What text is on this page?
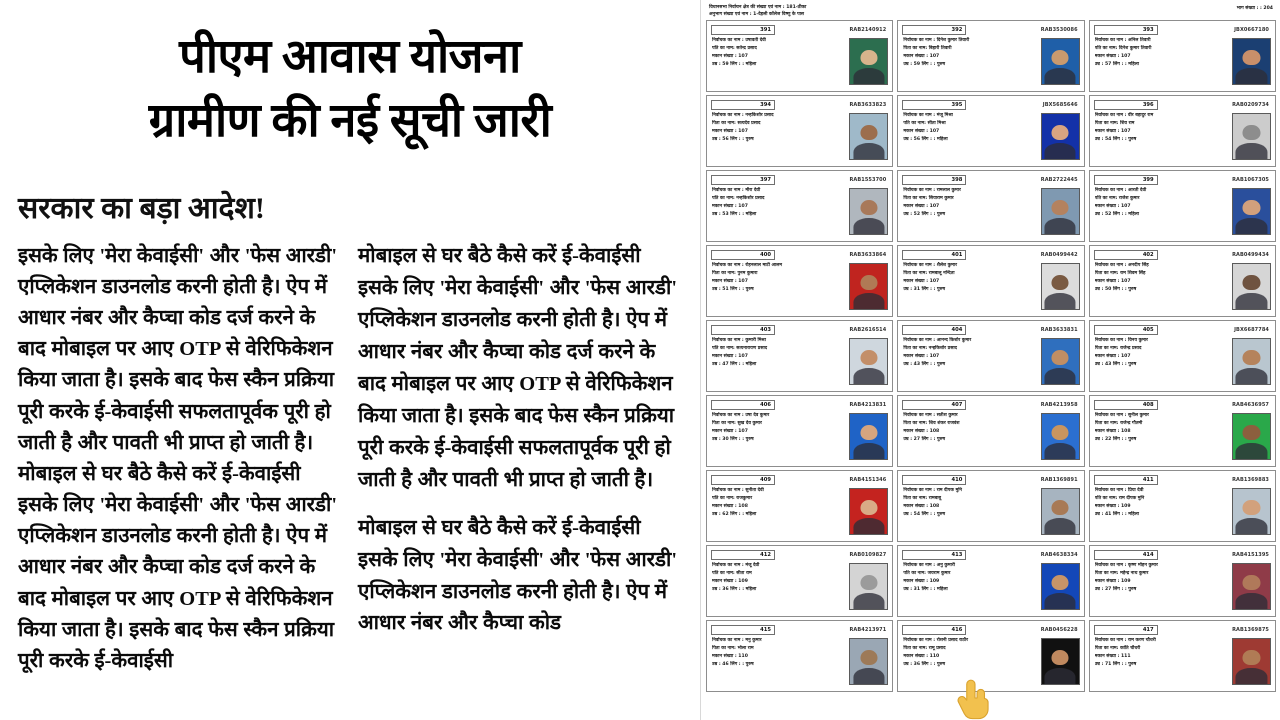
पीएम आवास योजना
ग्रामीण की नई सूची जारी
सरकार का बड़ा आदेश!

इसके लिए 'मेरा केवाईसी' और 'फेस आरडी' एप्लिकेशन डाउनलोड करनी होती है। ऐप में आधार नंबर और कैप्चा कोड दर्ज करने के बाद मोबाइल पर आए OTP से वेरिफिकेशन किया जाता है। इसके बाद फेस स्कैन प्रक्रिया पूरी करके ई-केवाईसी सफलतापूर्वक पूरी हो जाती है और पावती भी प्राप्त हो जाती है।मोबाइल से घर बैठे कैसे करें ई-केवाईसी इसके लिए 'मेरा केवाईसी' और 'फेस आरडी' एप्लिकेशन डाउनलोड करनी होती है। ऐप में आधार नंबर और कैप्चा कोड दर्ज करने के बाद मोबाइल पर आए OTP से वेरिफिकेशन किया जाता है। इसके बाद फेस स्कैन प्रक्रिया पूरी करके ई-केवाईसी

मोबाइल से घर बैठे कैसे करें ई-केवाईसी इसके लिए 'मेरा केवाईसी' और 'फेस आरडी' एप्लिकेशन डाउनलोड करनी होती है। ऐप में आधार नंबर और कैप्चा कोड दर्ज करने के बाद मोबाइल पर आए OTP से वेरिफिकेशन किया जाता है। इसके बाद फेस स्कैन प्रक्रिया पूरी करके ई-केवाईसी सफलतापूर्वक पूरी हो जाती है और पावती भी प्राप्त हो जाती है।

मोबाइल से घर बैठे कैसे करें ई-केवाईसी इसके लिए 'मेरा केवाईसी' और 'फेस आरडी' एप्लिकेशन डाउनलोड करनी होती है। ऐप में आधार नंबर और कैप्चा कोड

विधानसभा निर्वाचन क्षेत्र की संख्या एवं नाम : 181-ठीका
अनुभाग संख्या एवं नाम : 1-देहली कॉलेज विष्णु के पास
भाग संख्या : : 204
391	RAB2140912
निर्वाचक का नाम : उषावती देवी
पति का नाम: सतेन्द्र प्रसाद
मकान संख्या : 107
उम्र : 59 लिंग : : महिला
392	RAB3530086
निर्वाचक का नाम : दिनेश कुमार तिवारी
पिता का नाम: बिहारी तिवारी
मकान संख्या : 107
उम्र : 59 लिंग : : पुरुष
393	JBX0667180
निर्वाचक का नाम : अनिल तिवारी
पति का नाम: दिनेश कुमार तिवारी
मकान संख्या : 107
उम्र : 57 लिंग : : महिला
394	RAB3633823
निर्वाचक का नाम : नन्हकिशोर प्रसाद
पिता का नाम: सत्यदेव प्रसाद
मकान संख्या : 107
उम्र : 56 लिंग : : पुरुष
395	JBX5685646
निर्वाचक का नाम : मंजू मिश्रा
पति का नाम: सीता मिश्रा
मकान संख्या : 107
उम्र : 56 लिंग : : महिला
396	RAB0209734
निर्वाचक का नाम : वीर बहादुर राम
पिता का नाम: शिव राम
मकान संख्या : 107
उम्र : 54 लिंग : : पुरुष
397	RAB1553700
निर्वाचक का नाम : मीरा देवी
पति का नाम: नन्हकिशोर प्रसाद
मकान संख्या : 107
उम्र : 53 लिंग : : महिला
398	RAB2722445
निर्वाचक का नाम : रामलाल कुमार
पिता का नाम: सियाराम कुमार
मकान संख्या : 107
उम्र : 52 लिंग : : पुरुष
399	RAB1067305
निर्वाचक का नाम : आरती देवी
पति का नाम: राजेश कुमार
मकान संख्या : 107
उम्र : 52 लिंग : : महिला
400	RAB3633864
निर्वाचक का नाम : रोहनलाल माटी आलम
पिता का नाम: पुनम कुमारा
मकान संख्या : 107
उम्र : 51 लिंग : : पुरुष
401	RAB0499442
निर्वाचक का नाम : शैलेश कुमार
पिता का नाम: रामबालू नन्दिता
मकान संख्या : 107
उम्र : 31 लिंग : : पुरुष
402	RAB0499434
निर्वाचक का नाम : अनदीप सिंह
पिता का नाम: राम शिवम सिंह
मकान संख्या : 107
उम्र : 50 लिंग : : पुरुष
403	RAB2616514
निर्वाचक का नाम : कुमारी मिश्रा
पति का नाम: सत्यनारायण प्रसाद
मकान संख्या : 107
उम्र : 47 लिंग : : महिला
404	RAB3633831
निर्वाचक का नाम : आनन्द किशोर कुमार
पिता का नाम: नन्हकिशोर प्रसाद
मकान संख्या : 107
उम्र : 43 लिंग : : पुरुष
405	JBX6687784
निर्वाचक का नाम : विनय कुमार
पिता का नाम: राजेन्द्र प्रसाद
मकान संख्या : 107
उम्र : 43 लिंग : : पुरुष
406	RAB4213831
निर्वाचक का नाम : उषा देव कुमार
पिता का नाम: सुख देव कुमार
मकान संख्या : 107
उम्र : 30 लिंग : : पुरुष
407	RAB4213958
निर्वाचक का नाम : सतीश कुमार
पिता का नाम: शिव शंकर राजवंश
मकान संख्या : 108
उम्र : 27 लिंग : : पुरुष
408	RAB4636957
निर्वाचक का नाम : सुनील कुमार
पिता का नाम: राजेन्द्र गौतमी
मकान संख्या : 108
उम्र : 22 लिंग : : पुरुष
409	RAB4151346
निर्वाचक का नाम : सुनीता देवी
पति का नाम: राजकुमार
मकान संख्या : 108
उम्र : 62 लिंग : : महिला
410	RAB1369891
निर्वाचक का नाम : राम दीपक मुनि
पिता का नाम: रामबाबू
मकान संख्या : 108
उम्र : 54 लिंग : : पुरुष
411	RAB1369883
निर्वाचक का नाम : प्रिया देवी
पति का नाम: राम दीपक मुनि
मकान संख्या : 109
उम्र : 41 लिंग : : महिला
412	RAB0109827
निर्वाचक का नाम : मंजू देवी
पति का नाम: सीता राम
मकान संख्या : 109
उम्र : 36 लिंग : : महिला
413	RAB4638334
निर्वाचक का नाम : अनु कुमारी
पति का नाम: जयराम कुमार
मकान संख्या : 109
उम्र : 31 लिंग : : महिला
414	RAB4151395
निर्वाचक का नाम : कृष्ण मोहन कुमार
पिता का नाम: महेन्द्र नाथ कुमार
मकान संख्या : 109
उम्र : 27 लिंग : : पुरुष
415	RAB4213971
निर्वाचक का नाम : मनु कुमार
पिता का नाम: भोला राम
मकान संख्या : 110
उम्र : 46 लिंग : : पुरुष
416	RAB0456228
निर्वाचक का नाम : रोशनी प्रसाद राठौर
पिता का नाम: रामू प्रसाद
मकान संख्या : 110
उम्र : 36 लिंग : : पुरुष
417	RAB1369875
निर्वाचक का नाम : राम करण चौधरी
पिता का नाम: कांति चौधरी
मकान संख्या : 111
उम्र : 71 लिंग : : पुरुष
